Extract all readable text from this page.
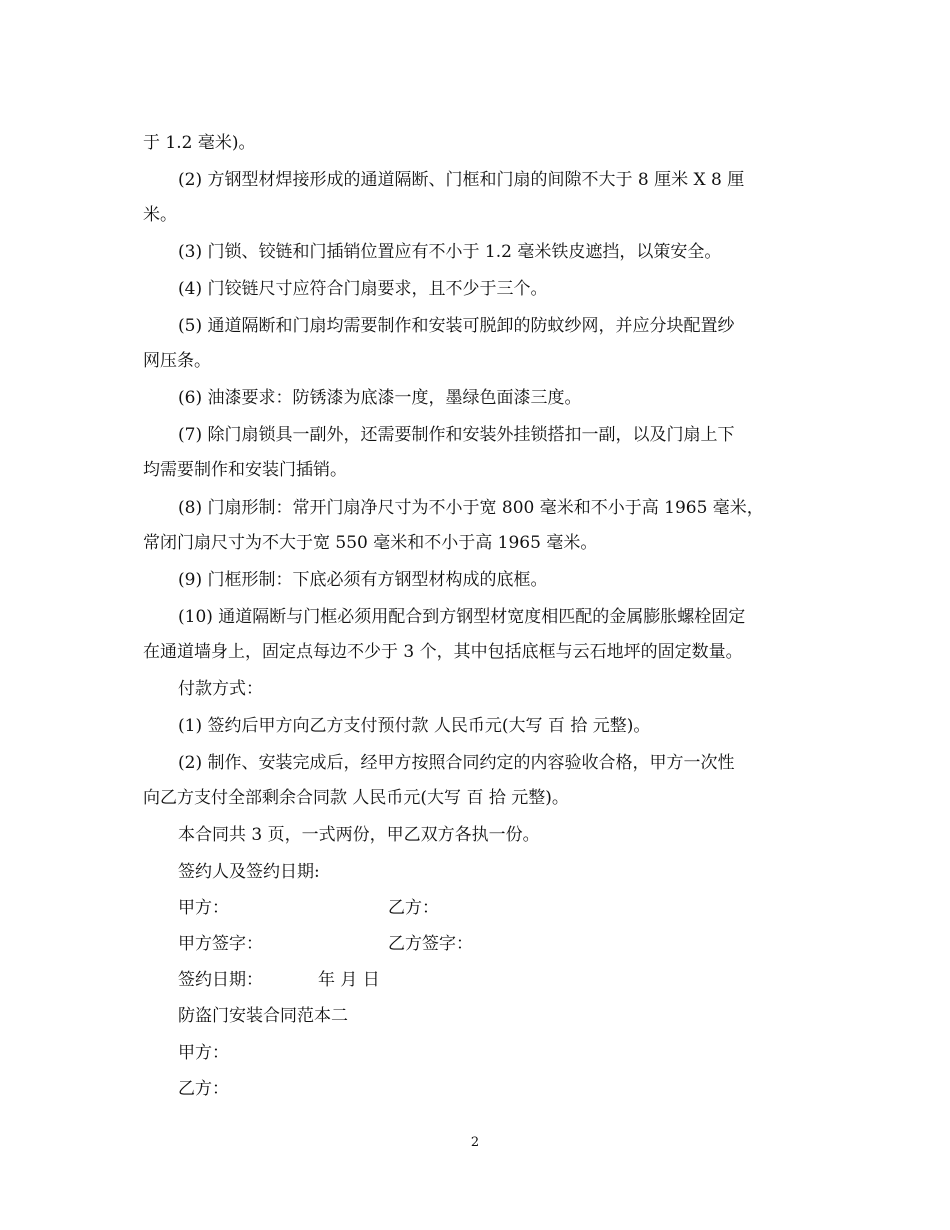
于 1.2 毫米)。
(2) 方钢型材焊接形成的通道隔断、门框和门扇的间隙不大于 8 厘米 X 8 厘
米。
(3) 门锁、铰链和门插销位置应有不小于 1.2 毫米铁皮遮挡，以策安全。
(4) 门铰链尺寸应符合门扇要求，且不少于三个。
(5) 通道隔断和门扇均需要制作和安装可脱卸的防蚊纱网，并应分块配置纱
网压条。
(6) 油漆要求：防锈漆为底漆一度，墨绿色面漆三度。
(7) 除门扇锁具一副外，还需要制作和安装外挂锁搭扣一副，以及门扇上下
均需要制作和安装门插销。
(8) 门扇形制：常开门扇净尺寸为不小于宽 800 毫米和不小于高 1965 毫米，
常闭门扇尺寸为不大于宽 550 毫米和不小于高 1965 毫米。
(9) 门框形制：下底必须有方钢型材构成的底框。
(10) 通道隔断与门框必须用配合到方钢型材宽度相匹配的金属膨胀螺栓固定
在通道墙身上，固定点每边不少于 3 个，其中包括底框与云石地坪的固定数量。
付款方式：
(1) 签约后甲方向乙方支付预付款 人民币元(大写 百 拾 元整)。
(2) 制作、安装完成后，经甲方按照合同约定的内容验收合格，甲方一次性
向乙方支付全部剩余合同款 人民币元(大写 百 拾 元整)。
本合同共 3 页，一式两份，甲乙双方各执一份。
签约人及签约日期:
甲方：	乙方：
甲方签字：	乙方签字：
签约日期：	年 月 日
防盗门安装合同范本二
甲方：
乙方：
2
